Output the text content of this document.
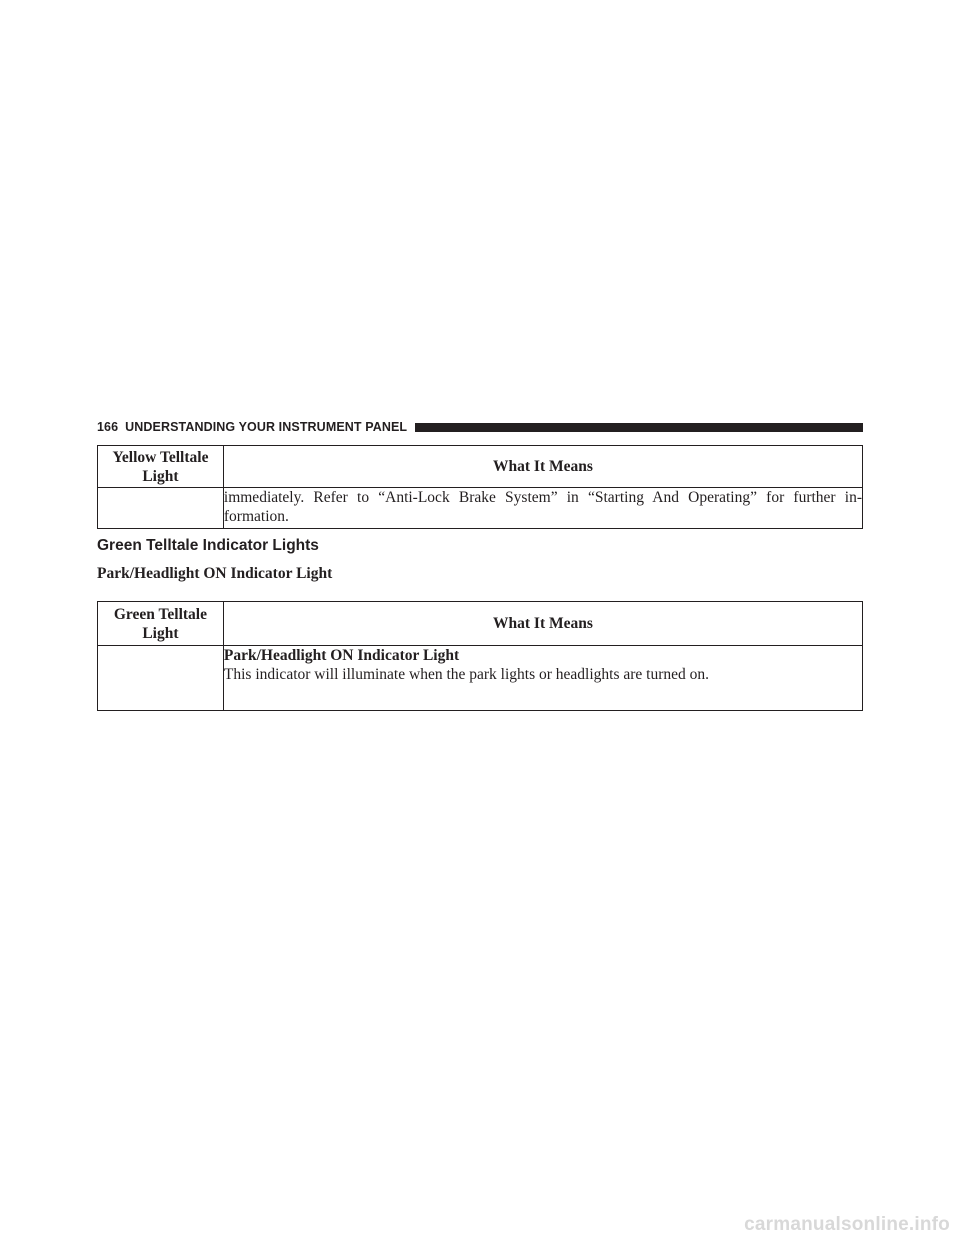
166 UNDERSTANDING YOUR INSTRUMENT PANEL
Yellow Telltale Light	What It Means
	immediately. Refer to “Anti-Lock Brake System” in “Starting And Operating” for further in-formation.
Green Telltale Indicator Lights
Park/Headlight ON Indicator Light
Green Telltale Light	What It Means

	Park/Headlight ON Indicator Light
This indicator will illuminate when the park lights or headlights are turned on.
carmanualsonline.info
